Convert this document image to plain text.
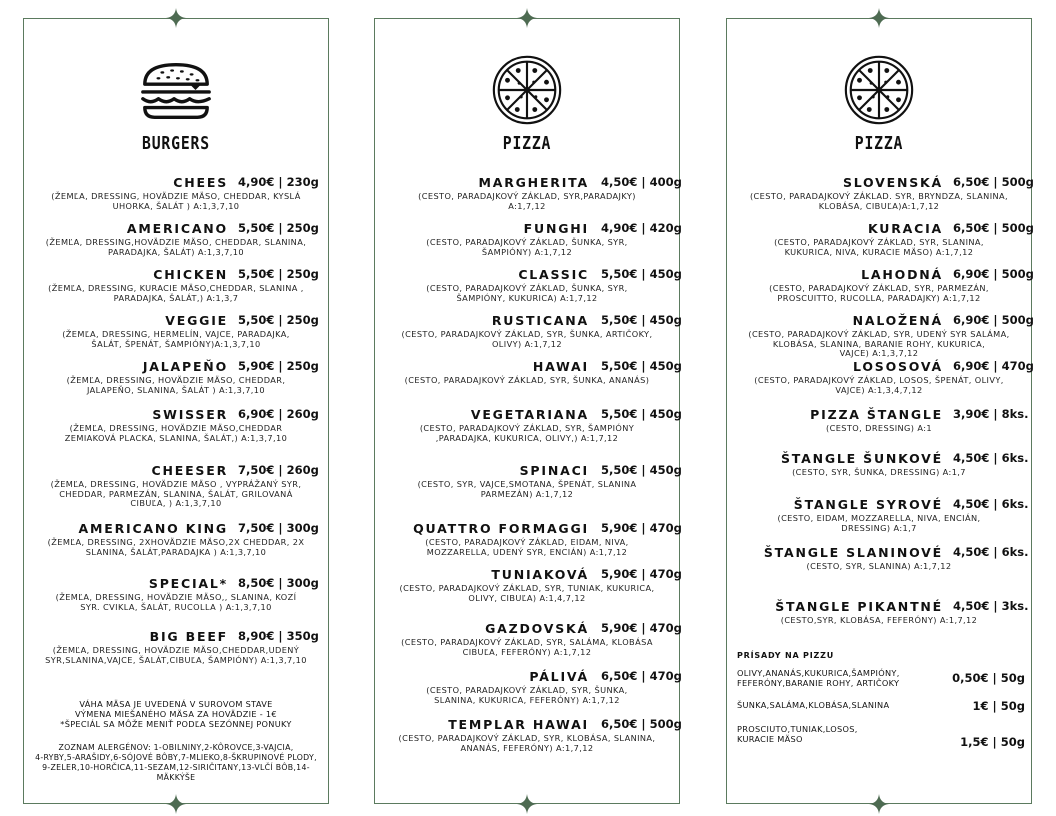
BURGERS
CHEES 4,90€ | 230g
(ŽEMĽA, DRESSING, HOVÄDZIE MÄSO, CHEDDAR, KYSLÁ
UHORKA, ŠALÁT ) A:1,3,7,10
AMERICANO 5,50€ | 250g
(ŽEMĽA, DRESSING,HOVÄDZIE MÄSO, CHEDDAR, SLANINA,
PARADAJKA, ŠALÁT) A:1,3,7,10
CHICKEN 5,50€ | 250g
(ŽEMĽA, DRESSING, KURACIE MÄSO,CHEDDAR, SLANINA ,
PARADAJKA, ŠALÁT,) A:1,3,7
VEGGIE 5,50€ | 250g
(ŽEMĽA, DRESSING, HERMELÍN, VAJCE, PARADAJKA,
ŠALÁT, ŠPENÁT, ŠAMPIÓNY)A:1,3,7,10
JALAPEŇO 5,90€ | 250g
(ŽEMĽA, DRESSING, HOVÄDZIE MÄSO, CHEDDAR,
JALAPEŇO, SLANINA, ŠALÁT ) A:1,3,7,10
SWISSER 6,90€ | 260g
(ŽEMĽA, DRESSING, HOVÄDZIE MÄSO,CHEDDAR
ZEMIAKOVÁ PLACKA, SLANINA, ŠALÁT,) A:1,3,7,10
CHEESER 7,50€ | 260g
(ŽEMĽA, DRESSING, HOVÄDZIE MÄSO , VYPRÁŽANÝ SYR,
CHEDDAR, PARMEZÁN, SLANINA, ŠALÁT, GRILOVANÁ
CIBUĽA, ) A:1,3,7,10
AMERICANO KING 7,50€ | 300g
(ŽEMĽA, DRESSING, 2XHOVÄDZIE MÄSO,2X CHEDDAR, 2X
SLANINA, ŠALÁT,PARADAJKA ) A:1,3,7,10
SPECIAL* 8,50€ | 300g
(ŽEMĽA, DRESSING, HOVÄDZIE MÄSO,, SLANINA, KOZÍ
SYR. CVIKLA, ŠALÁT, RUCOLLA ) A:1,3,7,10
BIG BEEF 8,90€ | 350g
(ŽEMĽA, DRESSING, HOVÄDZIE MÄSO,CHEDDAR,UDENÝ
SYR,SLANINA,VAJCE, ŠALÁT,CIBUĽA, ŠAMPIÓNY) A:1,3,7,10
VÁHA MÄSA JE UVEDENÁ V SUROVOM STAVE
VÝMENA MIEŠANÉHO MÄSA ZA HOVÄDZIE - 1€
*ŠPECIÁL SA MÔŽE MENIŤ PODĽA SEZÓNNEJ PONUKY
ZOZNAM ALERGÉNOV: 1-OBILNINY,2-KÔROVCE,3-VAJCIA,
4-RYBY,5-ARAŠIDY,6-SÓJOVÉ BÔBY,7-MLIEKO,8-ŠKRUPINOVÉ PLODY,
9-ZELER,10-HORČICA,11-SEZAM,12-SIRIČITANY,13-VLČÍ BÔB,14-MÄKKÝŠE
PIZZA
MARGHERITA 4,50€ | 400g
(CESTO, PARADAJKOVÝ ZÁKLAD, SYR,PARADAJKY)
A:1,7,12
FUNGHI 4,90€ | 420g
(CESTO, PARADAJKOVÝ ZÁKLAD, ŠUNKA, SYR,
ŠAMPIÓNY) A:1,7,12
CLASSIC 5,50€ | 450g
(CESTO, PARADAJKOVÝ ZÁKLAD, ŠUNKA, SYR,
ŠAMPIÓNY, KUKURICA) A:1,7,12
RUSTICANA 5,50€ | 450g
(CESTO, PARADAJKOVÝ ZÁKLAD, SYR, ŠUNKA, ARTIČOKY,
OLIVY) A:1,7,12
HAWAI 5,50€ | 450g
(CESTO, PARADAJKOVÝ ZÁKLAD, SYR, ŠUNKA, ANANÁS)
VEGETARIANA 5,50€ | 450g
(CESTO, PARADAJKOVÝ ZÁKLAD, SYR, ŠAMPIÓNY
,PARADAJKA, KUKURICA, OLIVY,) A:1,7,12
SPINACI 5,50€ | 450g
(CESTO, SYR, VAJCE,SMOTANA, ŠPENÁT, SLANINA
PARMEZÁN) A:1,7,12
QUATTRO FORMAGGI 5,90€ | 470g
(CESTO, PARADAJKOVÝ ZÁKLAD, EIDAM, NIVA,
MOZZARELLA, UDENÝ SYR, ENCIÁN) A:1,7,12
TUNIAKOVÁ 5,90€ | 470g
(CESTO, PARADAJKOVÝ ZÁKLAD, SYR, TUNIAK, KUKURICA,
OLIVY, CIBUĽA) A:1,4,7,12
GAZDOVSKÁ 5,90€ | 470g
(CESTO, PARADAJKOVÝ ZÁKLAD, SYR, SALÁMA, KLOBÁSA
CIBUĽA, FEFERÓNY) A:1,7,12
PÁLIVÁ 6,50€ | 470g
(CESTO, PARADAJKOVÝ ZÁKLAD, SYR, ŠUNKA,
SLANINA, KUKURICA, FEFERÓNY) A:1,7,12
TEMPLAR HAWAI 6,50€ | 500g
(CESTO, PARADAJKOVÝ ZÁKLAD, SYR, KLOBÁSA, SLANINA,
ANANÁS, FEFERÓNY) A:1,7,12
PIZZA
SLOVENSKÁ 6,50€ | 500g
(CESTO, PARADAJKOVÝ ZÁKLAD. SYR, BRYNDZA, SLANINA,
KLOBÁSA, CIBUĽA)A:1,7,12
KURACIA 6,50€ | 500g
(CESTO, PARADAJKOVÝ ZÁKLAD, SYR, SLANINA,
KUKURICA, NIVA, KURACIE MÄSO) A:1,7,12
LAHODNÁ 6,90€ | 500g
(CESTO, PARADAJKOVÝ ZÁKLAD, SYR, PARMEZÁN,
PROSCUITTO, RUCOLLA, PARADAJKY) A:1,7,12
NALOŽENÁ 6,90€ | 500g
(CESTO, PARADAJKOVÝ ZÁKLAD, SYR, UDENÝ SYR SALÁMA,
KLOBÁSA, SLANINA, BARANIE ROHY, KUKURICA,
VAJCE) A:1,3,7,12
LOSOSOVÁ 6,90€ | 470g
(CESTO, PARADAJKOVÝ ZÁKLAD, LOSOS, ŠPENÁT, OLIVY,
VAJCE) A:1,3,4,7,12
PIZZA ŠTANGLE 3,90€ | 8ks.
(CESTO, DRESSING) A:1
ŠTANGLE ŠUNKOVÉ 4,50€ | 6ks.
(CESTO, SYR, ŠUNKA, DRESSING) A:1,7
ŠTANGLE SYROVÉ 4,50€ | 6ks.
(CESTO, EIDAM, MOZZARELLA, NIVA, ENCIÁN,
DRESSING) A:1,7
ŠTANGLE SLANINOVÉ 4,50€ | 6ks.
(CESTO, SYR, SLANINA) A:1,7,12
ŠTANGLE PIKANTNÉ 4,50€ | 3ks.
(CESTO,SYR, KLOBÁSA, FEFERÓNY) A:1,7,12
PRÍSADY NA PIZZU
OLIVY,ANANÁS,KUKURICA,ŠAMPIÓNY,
FEFERÓNY,BARANIE ROHY, ARTIČOKY	0,50€ | 50g
ŠUNKA,SALÁMA,KLOBÁSA,SLANINA	1€ | 50g
PROSCIUTO,TUNIAK,LOSOS,
KURACIE MÄSO	1,5€ | 50g
